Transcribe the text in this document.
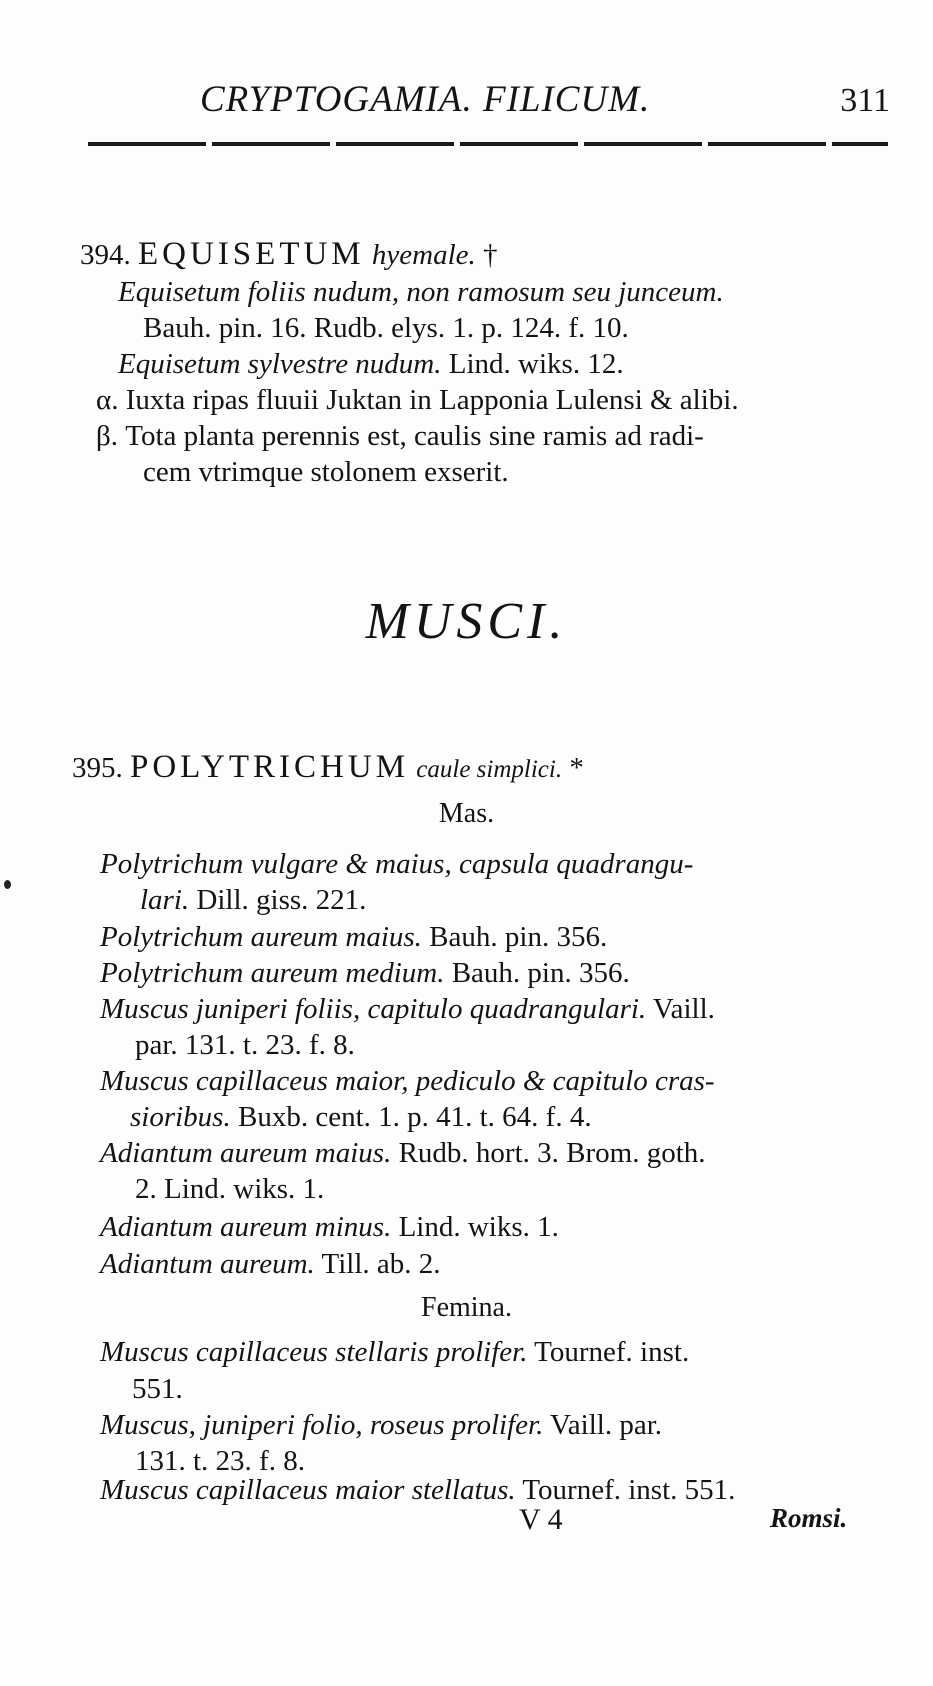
CRYPTOGAMIA. FILICUM.	311
394. EQUISETUM hyemale. †
Equisetum foliis nudum, non ramosum seu junceum.
Bauh. pin. 16. Rudb. elys. 1. p. 124. f. 10.
Equisetum sylvestre nudum. Lind. wiks. 12.
α. Iuxta ripas fluuii Juktan in Lapponia Lulensi & alibi.
β. Tota planta perennis est, caulis sine ramis ad radi-
cem vtrimque stolonem exserit.
MUSCI.
395. POLYTRICHUM caule simplici. *
Mas.
Polytrichum vulgare & maius, capsula quadrangu-
lari. Dill. giss. 221.
Polytrichum aureum maius. Bauh. pin. 356.
Polytrichum aureum medium. Bauh. pin. 356.
Muscus juniperi foliis, capitulo quadrangulari. Vaill.
par. 131. t. 23. f. 8.
Muscus capillaceus maior, pediculo & capitulo cras-
sioribus. Buxb. cent. 1. p. 41. t. 64. f. 4.
Adiantum aureum maius. Rudb. hort. 3. Brom. goth.
2. Lind. wiks. 1.
Adiantum aureum minus. Lind. wiks. 1.
Adiantum aureum. Till. ab. 2.
Femina.
Muscus capillaceus stellaris prolifer. Tournef. inst.
551.
Muscus, juniperi folio, roseus prolifer. Vaill. par.
131. t. 23. f. 8.
Muscus capillaceus maior stellatus. Tournef. inst. 551.
V 4	Romsi.
